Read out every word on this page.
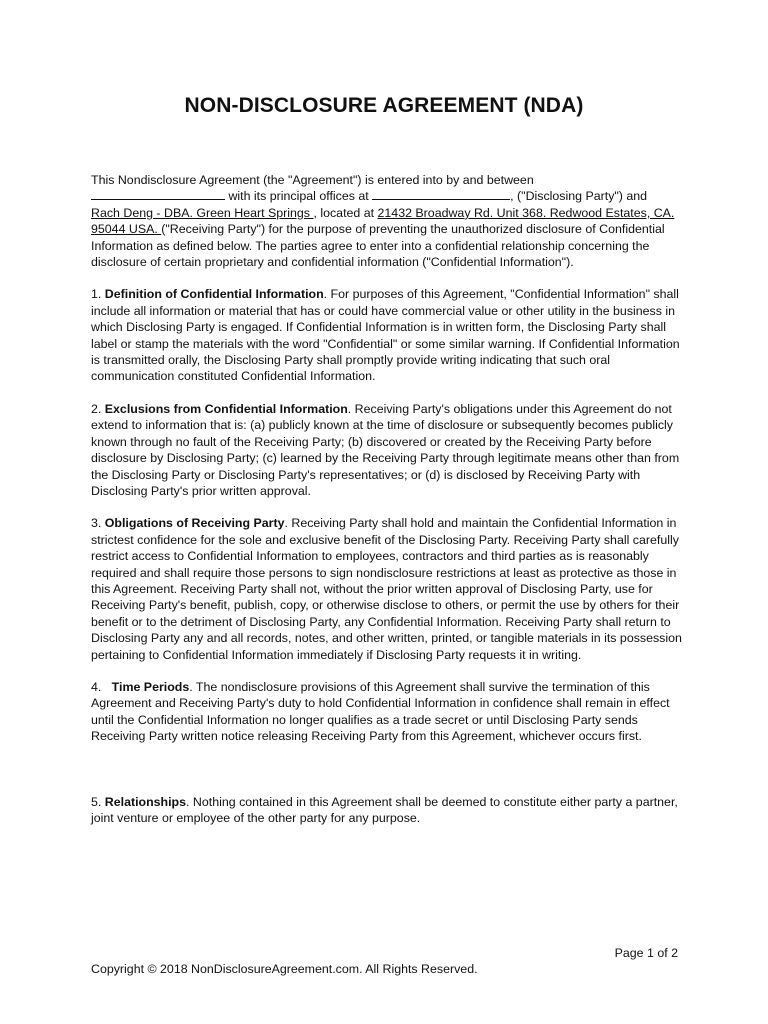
NON-DISCLOSURE AGREEMENT (NDA)

This Nondisclosure Agreement (the "Agreement") is entered into by and between
with its principal offices at	, ("Disclosing Party") and
Rach Deng - DBA. Green Heart Springs , located at 21432 Broadway Rd. Unit 368. Redwood Estates, CA. 95044 USA. ("Receiving Party") for the purpose of preventing the unauthorized disclosure of Confidential Information as defined below. The parties agree to enter into a confidential relationship concerning the disclosure of certain proprietary and confidential information ("Confidential Information").

1. Definition of Confidential Information. For purposes of this Agreement, "Confidential Information" shall include all information or material that has or could have commercial value or other utility in the business in which Disclosing Party is engaged. If Confidential Information is in written form, the Disclosing Party shall label or stamp the materials with the word "Confidential" or some similar warning. If Confidential Information is transmitted orally, the Disclosing Party shall promptly provide writing indicating that such oral communication constituted Confidential Information.

2. Exclusions from Confidential Information. Receiving Party's obligations under this Agreement do not extend to information that is: (a) publicly known at the time of disclosure or subsequently becomes publicly known through no fault of the Receiving Party; (b) discovered or created by the Receiving Party before disclosure by Disclosing Party; (c) learned by the Receiving Party through legitimate means other than from the Disclosing Party or Disclosing Party's representatives; or (d) is disclosed by Receiving Party with Disclosing Party's prior written approval.

3. Obligations of Receiving Party. Receiving Party shall hold and maintain the Confidential Information in strictest confidence for the sole and exclusive benefit of the Disclosing Party. Receiving Party shall carefully restrict access to Confidential Information to employees, contractors and third parties as is reasonably required and shall require those persons to sign nondisclosure restrictions at least as protective as those in this Agreement. Receiving Party shall not, without the prior written approval of Disclosing Party, use for Receiving Party's benefit, publish, copy, or otherwise disclose to others, or permit the use by others for their benefit or to the detriment of Disclosing Party, any Confidential Information. Receiving Party shall return to Disclosing Party any and all records, notes, and other written, printed, or tangible materials in its possession pertaining to Confidential Information immediately if Disclosing Party requests it in writing.

4.   Time Periods. The nondisclosure provisions of this Agreement shall survive the termination of this Agreement and Receiving Party's duty to hold Confidential Information in confidence shall remain in effect until the Confidential Information no longer qualifies as a trade secret or until Disclosing Party sends Receiving Party written notice releasing Receiving Party from this Agreement, whichever occurs first.

5. Relationships. Nothing contained in this Agreement shall be deemed to constitute either party a partner, joint venture or employee of the other party for any purpose.

Page 1 of 2
Copyright © 2018 NonDisclosureAgreement.com. All Rights Reserved.
